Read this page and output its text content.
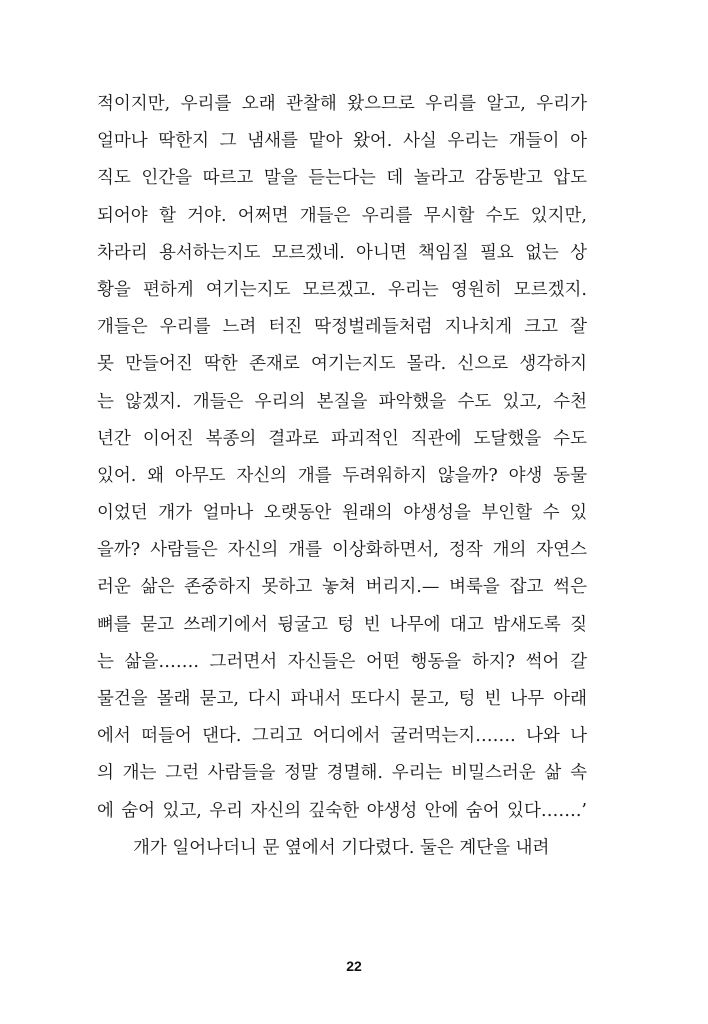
적이지만, 우리를 오래 관찰해 왔으므로 우리를 알고, 우리가
얼마나 딱한지 그 냄새를 맡아 왔어. 사실 우리는 개들이 아
직도 인간을 따르고 말을 듣는다는 데 놀라고 감동받고 압도
되어야 할 거야. 어쩌면 개들은 우리를 무시할 수도 있지만,
차라리 용서하는지도 모르겠네. 아니면 책임질 필요 없는 상
황을 편하게 여기는지도 모르겠고. 우리는 영원히 모르겠지.
개들은 우리를 느려 터진 딱정벌레들처럼 지나치게 크고 잘
못 만들어진 딱한 존재로 여기는지도 몰라. 신으로 생각하지
는 않겠지. 개들은 우리의 본질을 파악했을 수도 있고, 수천
년간 이어진 복종의 결과로 파괴적인 직관에 도달했을 수도
있어. 왜 아무도 자신의 개를 두려워하지 않을까? 야생 동물
이었던 개가 얼마나 오랫동안 원래의 야생성을 부인할 수 있
을까? 사람들은 자신의 개를 이상화하면서, 정작 개의 자연스
러운 삶은 존중하지 못하고 놓쳐 버리지.— 벼룩을 잡고 썩은
뼈를 묻고 쓰레기에서 뒹굴고 텅 빈 나무에 대고 밤새도록 짖
는 삶을……. 그러면서 자신들은 어떤 행동을 하지? 썩어 갈
물건을 몰래 묻고, 다시 파내서 또다시 묻고, 텅 빈 나무 아래
에서 떠들어 댄다. 그리고 어디에서 굴러먹는지……. 나와 나
의 개는 그런 사람들을 정말 경멸해. 우리는 비밀스러운 삶 속
에 숨어 있고, 우리 자신의 깊숙한 야생성 안에 숨어 있다…….’
개가 일어나더니 문 옆에서 기다렸다. 둘은 계단을 내려
22
